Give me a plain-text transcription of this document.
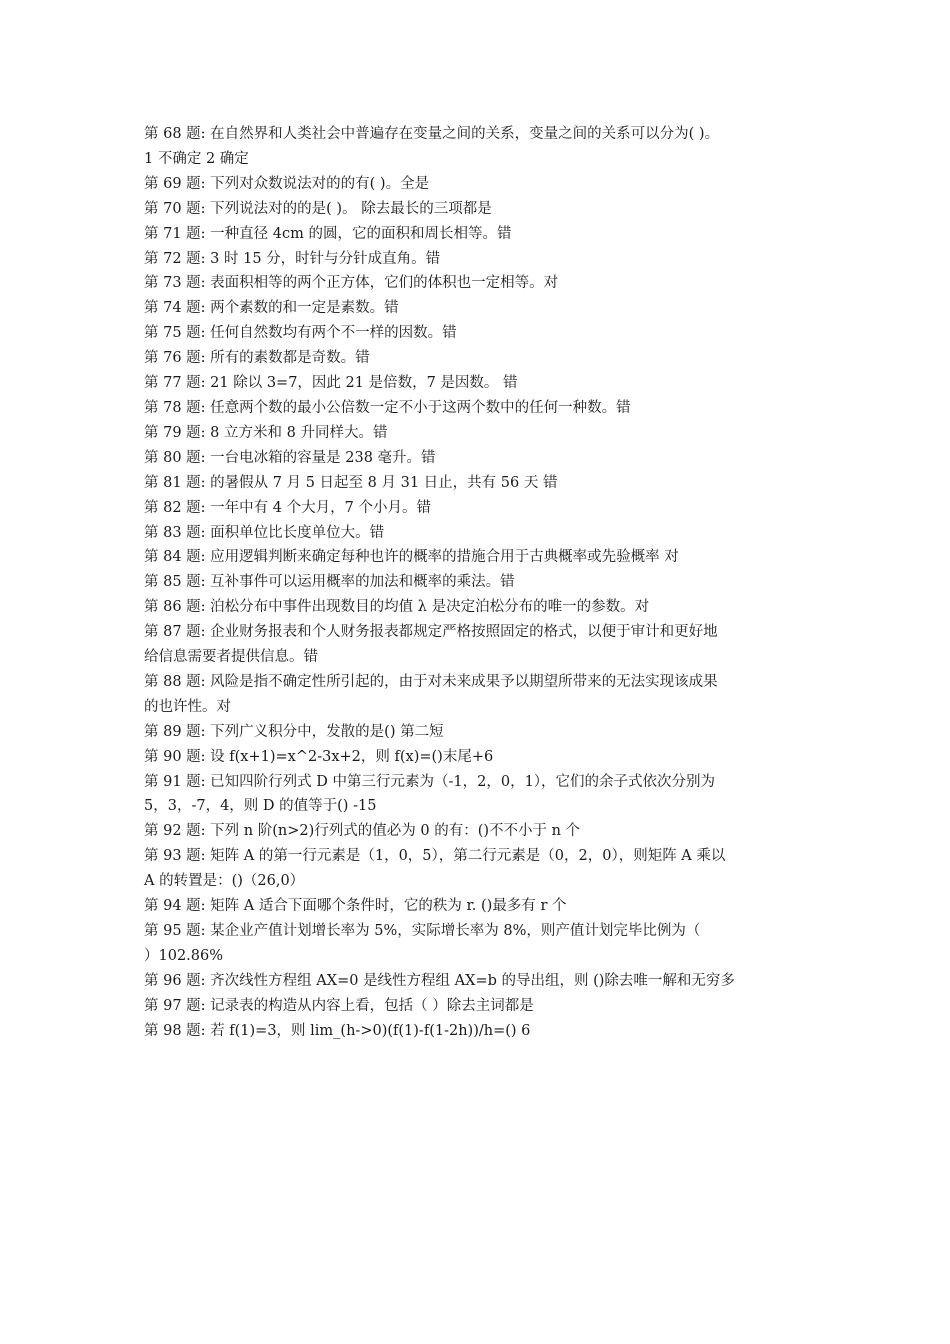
第 68 题: 在自然界和人类社会中普遍存在变量之间的关系，变量之间的关系可以分为( )。
1 不确定 2 确定
第 69 题: 下列对众数说法对的的有( )。全是
第 70 题: 下列说法对的的是( )。 除去最长的三项都是
第 71 题: 一种直径 4cm 的圆，它的面积和周长相等。错
第 72 题: 3 时 15 分，时针与分针成直角。错
第 73 题: 表面积相等的两个正方体，它们的体积也一定相等。对
第 74 题: 两个素数的和一定是素数。错
第 75 题: 任何自然数均有两个不一样的因数。错
第 76 题: 所有的素数都是奇数。错
第 77 题: 21 除以 3=7，因此 21 是倍数，7 是因数。 错
第 78 题: 任意两个数的最小公倍数一定不小于这两个数中的任何一种数。错
第 79 题: 8 立方米和 8 升同样大。错
第 80 题: 一台电冰箱的容量是 238 毫升。错
第 81 题: 的暑假从 7 月 5 日起至 8 月 31 日止，共有 56 天 错
第 82 题: 一年中有 4 个大月，7 个小月。错
第 83 题: 面积单位比长度单位大。错
第 84 题: 应用逻辑判断来确定每种也许的概率的措施合用于古典概率或先验概率 对
第 85 题: 互补事件可以运用概率的加法和概率的乘法。错
第 86 题: 泊松分布中事件出现数目的均值 λ 是决定泊松分布的唯一的参数。对
第 87 题: 企业财务报表和个人财务报表都规定严格按照固定的格式，以便于审计和更好地
给信息需要者提供信息。错
第 88 题: 风险是指不确定性所引起的，由于对未来成果予以期望所带来的无法实现该成果
的也许性。对
第 89 题: 下列广义积分中，发散的是() 第二短
第 90 题: 设 f(x+1)=x^2-3x+2，则 f(x)=()末尾+6
第 91 题: 已知四阶行列式 D 中第三行元素为（-1，2，0，1），它们的余子式依次分别为
5，3，-7，4，则 D 的值等于() -15
第 92 题: 下列 n 阶(n>2)行列式的值必为 0 的有：()不不小于 n 个
第 93 题: 矩阵 A 的第一行元素是（1，0，5），第二行元素是（0，2，0），则矩阵 A 乘以
A 的转置是：()（26,0）
第 94 题: 矩阵 A 适合下面哪个条件时，它的秩为 r. ()最多有 r 个
第 95 题: 某企业产值计划增长率为 5%，实际增长率为 8%，则产值计划完毕比例为（
）102.86%
第 96 题: 齐次线性方程组 AX=0 是线性方程组 AX=b 的导出组，则 ()除去唯一解和无穷多
第 97 题: 记录表的构造从内容上看，包括（ ）除去主词都是
第 98 题: 若 f(1)=3，则 lim_(h->0)(f(1)-f(1-2h))/h=() 6
